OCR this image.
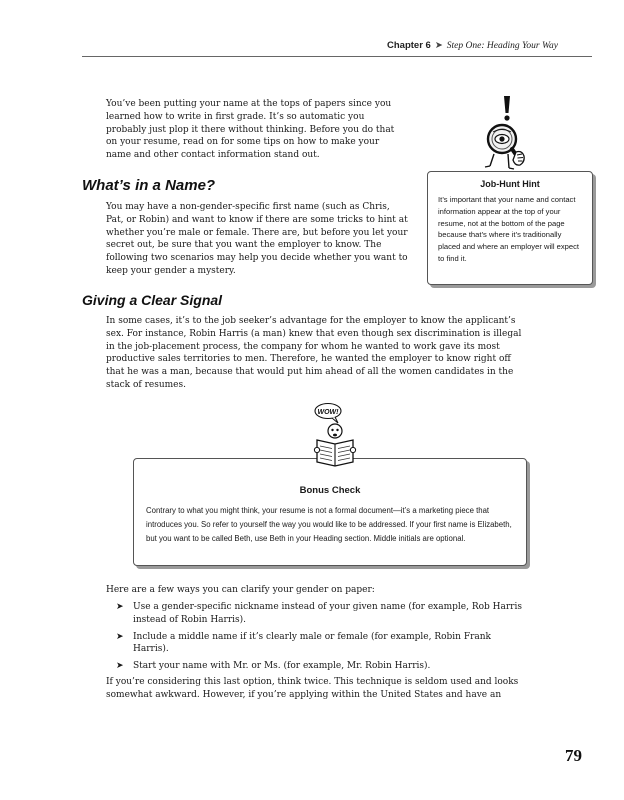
Chapter 6 ➤ Step One: Heading Your Way

You’ve been putting your name at the tops of papers since you learned how to write in first grade. It’s so automatic you probably just plop it there without thinking. Before you do that on your resume, read on for some tips on how to make your name and other contact information stand out.

What’s in a Name?

You may have a non-gender-specific first name (such as Chris, Pat, or Robin) and want to know if there are some tricks to hint at whether you’re male or female. There are, but before you let your secret out, be sure that you want the employer to know. The following two scenarios may help you decide whether you want to keep your gender a mystery.

Giving a Clear Signal

In some cases, it’s to the job seeker’s advantage for the employer to know the applicant’s sex. For instance, Robin Harris (a man) knew that even though sex discrimination is illegal in the job-placement process, the company for whom he wanted to work gave its most productive sales territories to men. Therefore, he wanted the employer to know right off that he was a man, because that would put him ahead of all the women candidates in the stack of resumes.

Job-Hunt Hint

It’s important that your name and contact information appear at the top of your resume, not at the bottom of the page because that’s where it’s traditionally placed and where an employer will expect to find it.

Bonus Check

Contrary to what you might think, your resume is not a formal document—it’s a marketing piece that introduces you. So refer to yourself the way you would like to be addressed. If your first name is Elizabeth, but you want to be called Beth, use Beth in your Heading section. Middle initials are optional.

WOW!

Here are a few ways you can clarify your gender on paper:

➤ Use a gender-specific nickname instead of your given name (for example, Rob Harris instead of Robin Harris).
➤ Include a middle name if it’s clearly male or female (for example, Robin Frank Harris).
➤ Start your name with Mr. or Ms. (for example, Mr. Robin Harris).

If you’re considering this last option, think twice. This technique is seldom used and looks somewhat awkward. However, if you’re applying within the United States and have an

79
